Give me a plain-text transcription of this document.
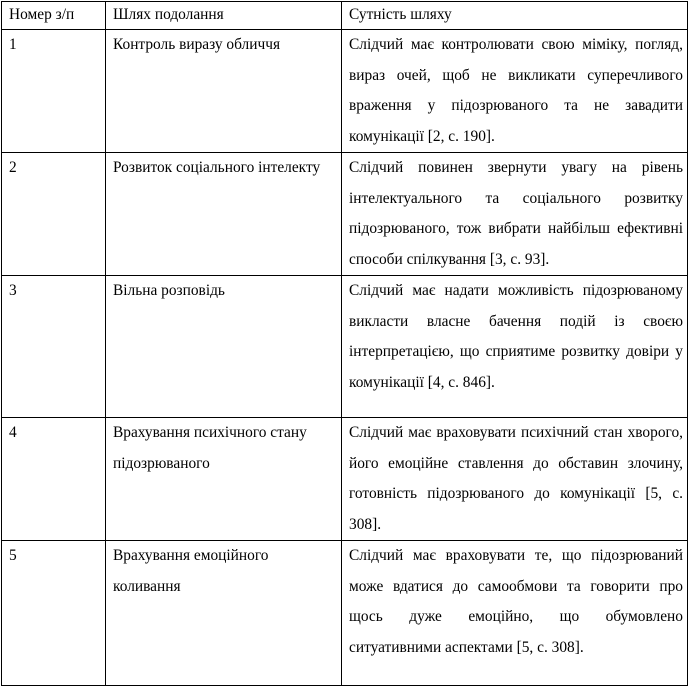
Номер з/п	Шлях подолання	Сутність шляху
1	Контроль виразу обличчя	Слідчий має контролювати свою міміку, погляд, вираз очей, щоб не викликати суперечливого враження у підозрюваного та не завадити комунікації [2, с. 190].
2	Розвиток соціального інтелекту	Слідчий повинен звернути увагу на рівень інтелектуального та соціального розвитку підозрюваного, тож вибрати найбільш ефективні способи спілкування [3, с. 93].
3	Вільна розповідь	Слідчий має надати можливість підозрюваному викласти власне бачення подій із своєю інтерпретацією, що сприятиме розвитку довіри у комунікації [4, с. 846].
4	Врахування психічного стану підозрюваного	Слідчий має враховувати психічний стан хворого, його емоційне ставлення до обставин злочину, готовність підозрюваного до комунікації [5, с. 308].
5	Врахування емоційного коливання	Слідчий має враховувати те, що підозрюваний може вдатися до самообмови та говорити про щось дуже емоційно, що обумовлено ситуативними аспектами [5, с. 308].
